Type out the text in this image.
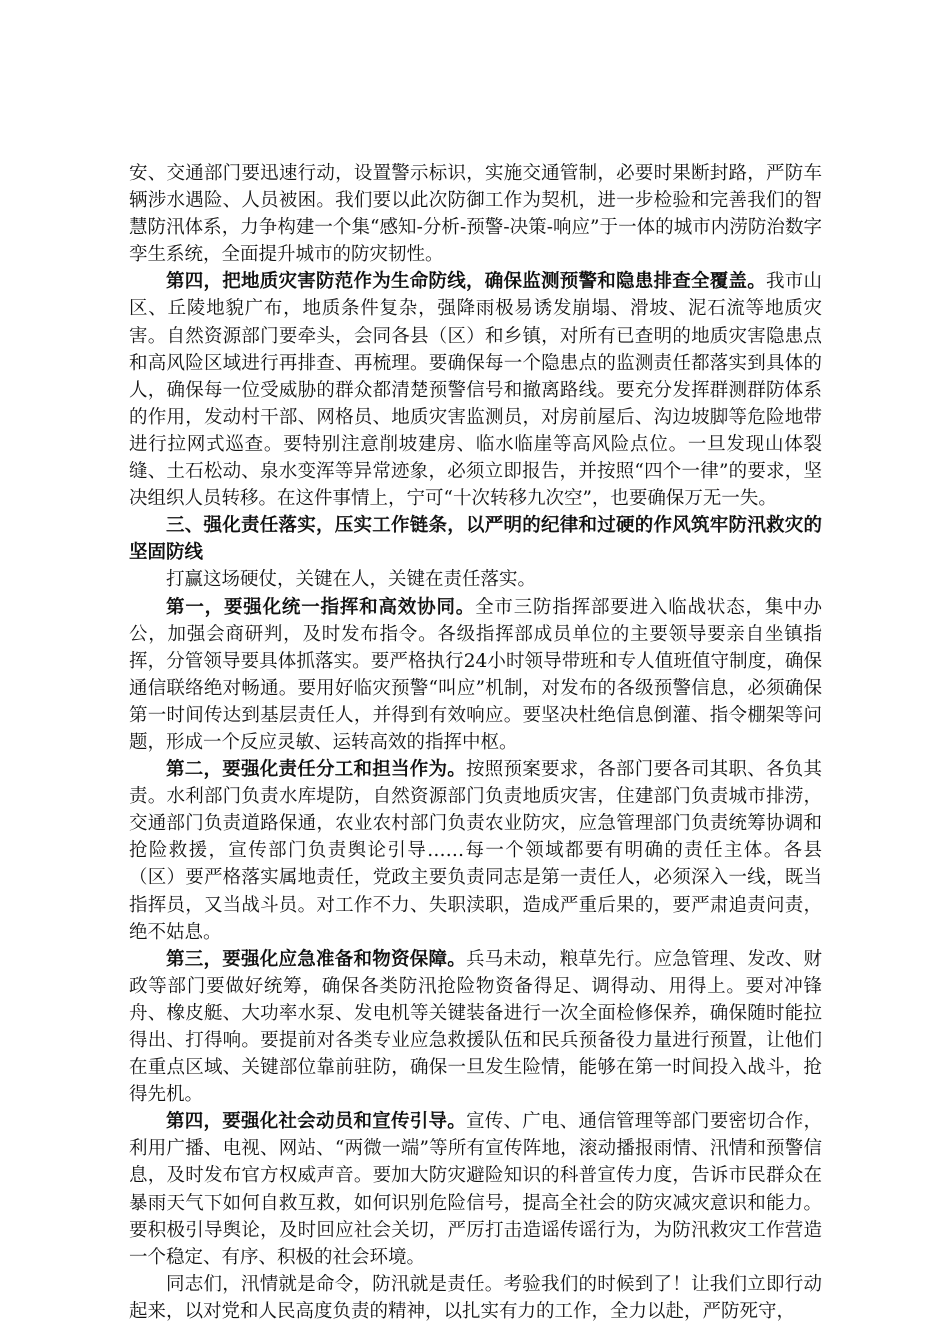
安、交通部门要迅速行动，设置警示标识，实施交通管制，必要时果断封路，严防车辆涉水遇险、人员被困。我们要以此次防御工作为契机，进一步检验和完善我们的智慧防汛体系，力争构建一个集“感知-分析-预警-决策-响应”于一体的城市内涝防治数字孪生系统，全面提升城市的防灾韧性。

第四，把地质灾害防范作为生命防线，确保监测预警和隐患排查全覆盖。我市山区、丘陵地貌广布，地质条件复杂，强降雨极易诱发崩塌、滑坡、泥石流等地质灾害。自然资源部门要牵头，会同各县（区）和乡镇，对所有已查明的地质灾害隐患点和高风险区域进行再排查、再梳理。要确保每一个隐患点的监测责任都落实到具体的人，确保每一位受威胁的群众都清楚预警信号和撤离路线。要充分发挥群测群防体系的作用，发动村干部、网格员、地质灾害监测员，对房前屋后、沟边坡脚等危险地带进行拉网式巡查。要特别注意削坡建房、临水临崖等高风险点位。一旦发现山体裂缝、土石松动、泉水变浑等异常迹象，必须立即报告，并按照“四个一律”的要求，坚决组织人员转移。在这件事情上，宁可“十次转移九次空”，也要确保万无一失。

三、强化责任落实，压实工作链条，以严明的纪律和过硬的作风筑牢防汛救灾的坚固防线

打赢这场硬仗，关键在人，关键在责任落实。

第一，要强化统一指挥和高效协同。全市三防指挥部要进入临战状态，集中办公，加强会商研判，及时发布指令。各级指挥部成员单位的主要领导要亲自坐镇指挥，分管领导要具体抓落实。要严格执行24小时领导带班和专人值班值守制度，确保通信联络绝对畅通。要用好临灾预警“叫应”机制，对发布的各级预警信息，必须确保第一时间传达到基层责任人，并得到有效响应。要坚决杜绝信息倒灌、指令棚架等问题，形成一个反应灵敏、运转高效的指挥中枢。

第二，要强化责任分工和担当作为。按照预案要求，各部门要各司其职、各负其责。水利部门负责水库堤防，自然资源部门负责地质灾害，住建部门负责城市排涝，交通部门负责道路保通，农业农村部门负责农业防灾，应急管理部门负责统筹协调和抢险救援，宣传部门负责舆论引导……每一个领域都要有明确的责任主体。各县（区）要严格落实属地责任，党政主要负责同志是第一责任人，必须深入一线，既当指挥员，又当战斗员。对工作不力、失职渎职，造成严重后果的，要严肃追责问责，绝不姑息。

第三，要强化应急准备和物资保障。兵马未动，粮草先行。应急管理、发改、财政等部门要做好统筹，确保各类防汛抢险物资备得足、调得动、用得上。要对冲锋舟、橡皮艇、大功率水泵、发电机等关键装备进行一次全面检修保养，确保随时能拉得出、打得响。要提前对各类专业应急救援队伍和民兵预备役力量进行预置，让他们在重点区域、关键部位靠前驻防，确保一旦发生险情，能够在第一时间投入战斗，抢得先机。

第四，要强化社会动员和宣传引导。宣传、广电、通信管理等部门要密切合作，利用广播、电视、网站、“两微一端”等所有宣传阵地，滚动播报雨情、汛情和预警信息，及时发布官方权威声音。要加大防灾避险知识的科普宣传力度，告诉市民群众在暴雨天气下如何自救互救，如何识别危险信号，提高全社会的防灾减灾意识和能力。要积极引导舆论，及时回应社会关切，严厉打击造谣传谣行为，为防汛救灾工作营造一个稳定、有序、积极的社会环境。

同志们，汛情就是命令，防汛就是责任。考验我们的时候到了！让我们立即行动起来，以对党和人民高度负责的精神，以扎实有力的工作，全力以赴，严防死守，
